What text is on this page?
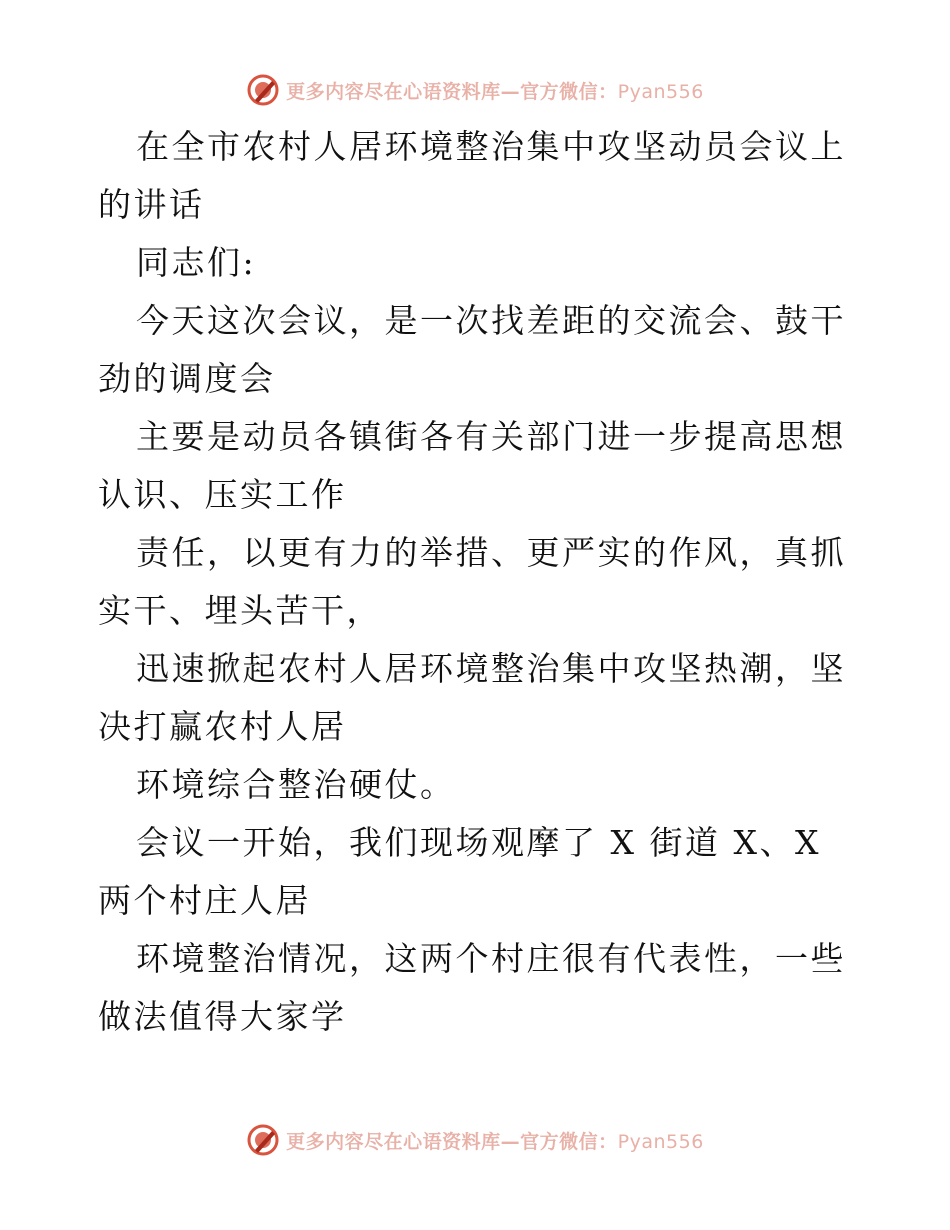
更多内容尽在心语资料库—官方微信：Pyan556

在全市农村人居环境整治集中攻坚动员会议上的讲话

同志们:

今天这次会议，是一次找差距的交流会、鼓干劲的调度会

主要是动员各镇街各有关部门进一步提高思想认识、压实工作

责任，以更有力的举措、更严实的作风，真抓实干、埋头苦干，

迅速掀起农村人居环境整治集中攻坚热潮，坚决打赢农村人居

环境综合整治硬仗。

会议一开始，我们现场观摩了 X 街道 X、X 两个村庄人居

环境整治情况，这两个村庄很有代表性，一些做法值得大家学

更多内容尽在心语资料库—官方微信：Pyan556
